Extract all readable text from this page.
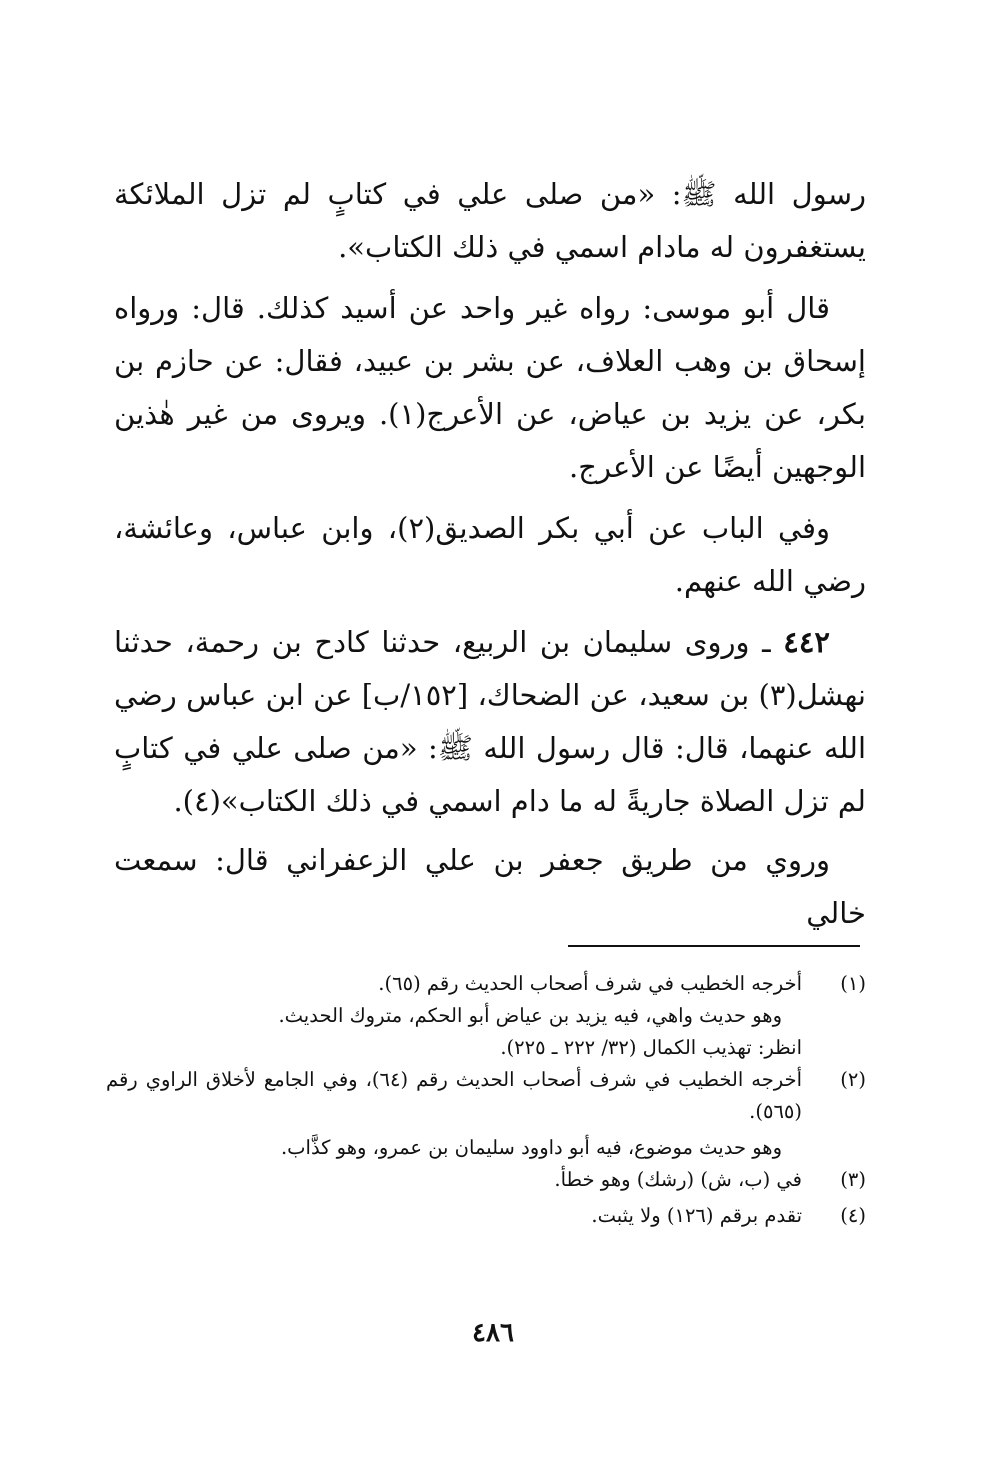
رسول الله ﷺ: «من صلى علي في كتابٍ لم تزل الملائكة يستغفرون له مادام اسمي في ذلك الكتاب».

قال أبو موسى: رواه غير واحد عن أسيد كذلك. قال: ورواه إسحاق بن وهب العلاف، عن بشر بن عبيد، فقال: عن حازم بن بكر، عن يزيد بن عياض، عن الأعرج(١). ويروى من غير هٰذين الوجهين أيضًا عن الأعرج.

وفي الباب عن أبي بكر الصديق(٢)، وابن عباس، وعائشة، رضي الله عنهم.

٤٤٢ ـ وروى سليمان بن الربيع، حدثنا كادح بن رحمة، حدثنا نهشل(٣) بن سعيد، عن الضحاك، [١٥٢/ب] عن ابن عباس رضي الله عنهما، قال: قال رسول الله ﷺ: «من صلى علي في كتابٍ لم تزل الصلاة جاريةً له ما دام اسمي في ذلك الكتاب»(٤).

وروي من طريق جعفر بن علي الزعفراني قال: سمعت خالي

(١)
أخرجه الخطيب في شرف أصحاب الحديث رقم (٦٥).
وهو حديث واهي، فيه يزيد بن عياض أبو الحكم، متروك الحديث.
انظر: تهذيب الكمال (٣٢/ ٢٢٢ ـ ٢٢٥).
(٢)
أخرجه الخطيب في شرف أصحاب الحديث رقم (٦٤)، وفي الجامع لأخلاق الراوي رقم (٥٦٥).
وهو حديث موضوع، فيه أبو داوود سليمان بن عمرو، وهو كذَّاب.
(٣)
في (ب، ش) (رشك) وهو خطأ.
(٤)
تقدم برقم (١٢٦) ولا يثبت.
٤٨٦
